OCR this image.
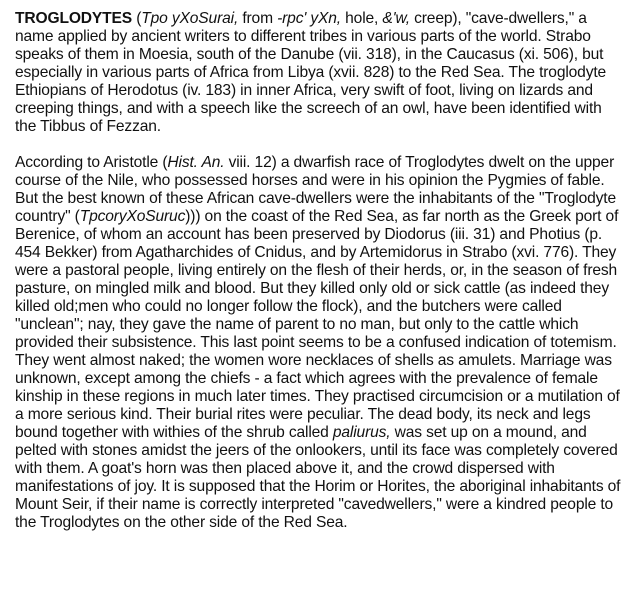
TROGLODYTES (Tpo yXoSurai, from -rpc' yXn, hole, &'w, creep), "cave-dwellers," a name applied by ancient writers to different tribes in various parts of the world. Strabo speaks of them in Moesia, south of the Danube (vii. 318), in the Caucasus (xi. 506), but especially in various parts of Africa from Libya (xvii. 828) to the Red Sea. The troglodyte Ethiopians of Herodotus (iv. 183) in inner Africa, very swift of foot, living on lizards and creeping things, and with a speech like the screech of an owl, have been identified with the Tibbus of Fezzan.

According to Aristotle (Hist. An. viii. 12) a dwarfish race of Troglodytes dwelt on the upper course of the Nile, who possessed horses and were in his opinion the Pygmies of fable. But the best known of these African cave-dwellers were the inhabitants of the "Troglodyte country" (TpcoryXoSuruc))) on the coast of the Red Sea, as far north as the Greek port of Berenice, of whom an account has been preserved by Diodorus (iii. 31) and Photius (p. 454 Bekker) from Agatharchides of Cnidus, and by Artemidorus in Strabo (xvi. 776). They were a pastoral people, living entirely on the flesh of their herds, or, in the season of fresh pasture, on mingled milk and blood. But they killed only old or sick cattle (as indeed they killed old;men who could no longer follow the flock), and the butchers were called "unclean"; nay, they gave the name of parent to no man, but only to the cattle which provided their subsistence. This last point seems to be a confused indication of totemism. They went almost naked; the women wore necklaces of shells as amulets. Marriage was unknown, except among the chiefs - a fact which agrees with the prevalence of female kinship in these regions in much later times. They practised circumcision or a mutilation of a more serious kind. Their burial rites were peculiar. The dead body, its neck and legs bound together with withies of the shrub called paliurus, was set up on a mound, and pelted with stones amidst the jeers of the onlookers, until its face was completely covered with them. A goat's horn was then placed above it, and the crowd dispersed with manifestations of joy. It is supposed that the Horim or Horites, the aboriginal inhabitants of Mount Seir, if their name is correctly interpreted "cavedwellers," were a kindred people to the Troglodytes on the other side of the Red Sea.
